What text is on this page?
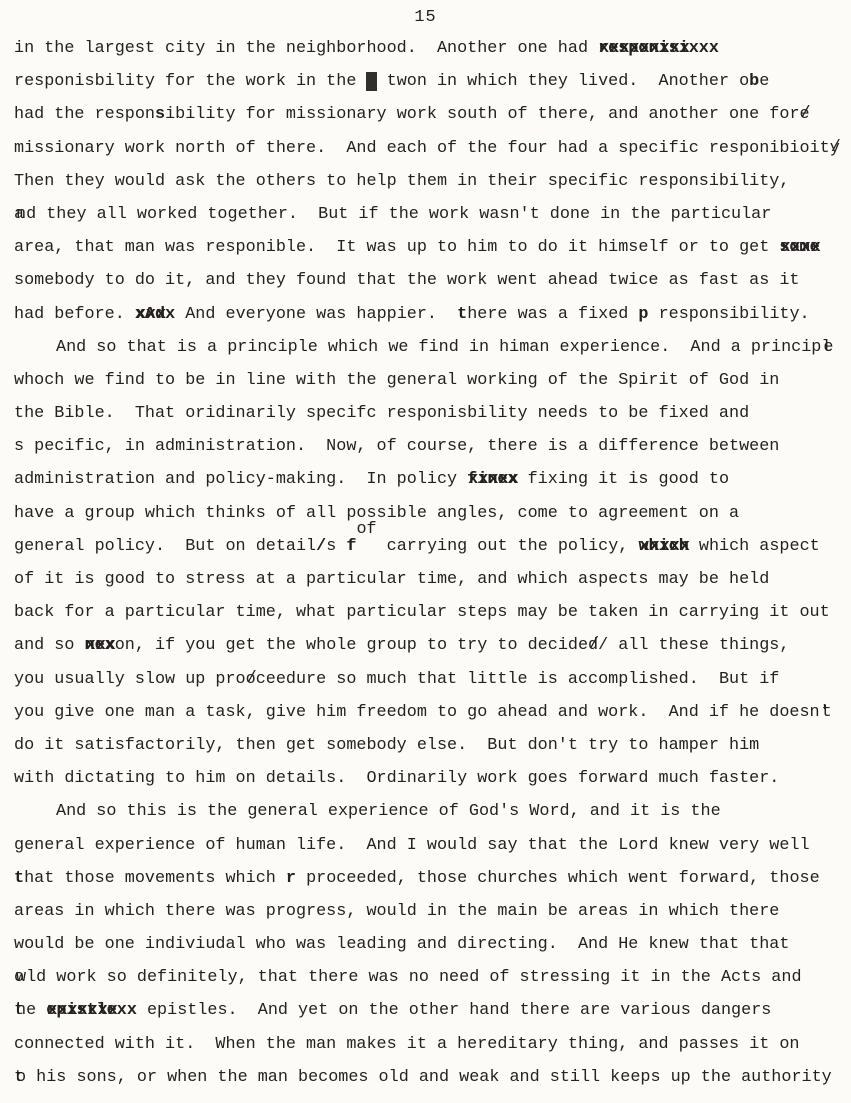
15
in the largest city in the neighborhood.  Another one had responisi xxxxxxxxxxxx
responisbility for the work in the m twon in which they lived.  Another obe
had the responsibility for missionary work south of there, and another one fore /
missionary work north of there.  And each of the four had a specific responibioity /
Then they would ask the others to help them in their specific responsibility,
an d they all worked together.  But if the work wasn't done in the particular
area, that man was responible.  It was up to him to do it himself or to get some xxxx
somebody to do it, and they found that the work went ahead twice as fast as it
had before. xAd xxxx And everyone was happier.  there was a fixed p responsibility.
And so that is a principle which we find in himan experience.  And a principle
whoch we find to be in line with the general working of the Spirit of God in
the Bible.  That oridinarily specifc responisbility needs to be fixed and
s pecific, in administration.  Now, of course, there is a difference between
administration and policy-making.  In policy finex xxxxx fixing it is good to
have a group which thinks of all possible angles, come to agreement on a
general policy.  But on detail/s fof carrying out the policy, which xxxxx which aspect
of it is good to stress at a particular time, and which aspects may be held
back for a particular time, what particular steps may be taken in carrying it out
and so nex xxxon, if you get the whole group to try to decided // all these things,
you usually slow up proo /ceedure so much that little is accomplished.  But if
you give one man a task, give him freedom to go ahead and work.  And if he doesn't
do it satisfactorily, then get somebody else.  But don't try to hamper him
with dictating to him on details.  Ordinarily work goes forward much faster.
And so this is the general experience of God's Word, and it is the
general experience of human life.  And I would say that the Lord knew very well
that those movements which r proceeded, those churches which went forward, those
areas in which there was progress, would in the main be areas in which there
would be one indiviudal who was leading and directing.  And He knew that that
ow ld work so definitely, that there was no need of stressing it in the Acts and
th e epistle xxxxxxxxx epistles.  And yet on the other hand there are various dangers
connected with it.  When the man makes it a hereditary thing, and passes it on
to his sons, or when the man becomes old and weak and still keeps up the authority
